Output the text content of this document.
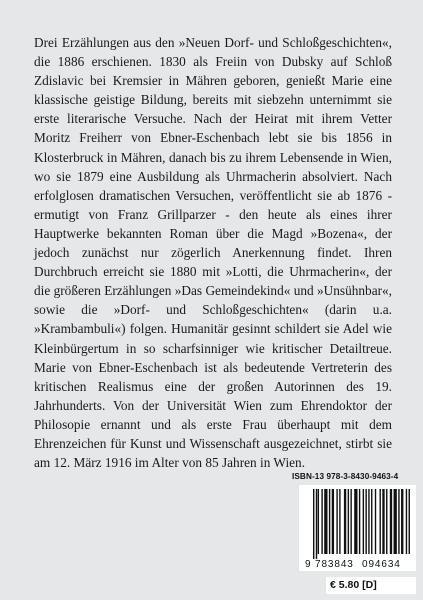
Drei Erzählungen aus den »Neuen Dorf- und Schloßgeschichten«, die 1886 erschienen. 1830 als Freiin von Dubsky auf Schloß Zdislavic bei Kremsier in Mähren geboren, genießt Marie eine klassische geistige Bildung, bereits mit siebzehn unternimmt sie erste literarische Versuche. Nach der Heirat mit ihrem Vetter Moritz Freiherr von Ebner-Eschenbach lebt sie bis 1856 in Klosterbruck in Mähren, danach bis zu ihrem Lebensende in Wien, wo sie 1879 eine Ausbildung als Uhrmacherin absolviert. Nach erfolglosen dramatischen Versuchen, veröffentlicht sie ab 1876 - ermutigt von Franz Grillparzer - den heute als eines ihrer Hauptwerke bekannten Roman über die Magd »Bozena«, der jedoch zunächst nur zögerlich Anerkennung findet. Ihren Durchbruch erreicht sie 1880 mit »Lotti, die Uhrmacherin«, der die größeren Erzählungen »Das Gemeindekind« und »Unsühnbar«, sowie die »Dorf- und Schloßgeschichten« (darin u.a. »Krambambuli«) folgen. Humanitär gesinnt schildert sie Adel wie Kleinbürgertum in so scharfsinniger wie kritischer Detailtreue. Marie von Ebner-Eschenbach ist als bedeutende Vertreterin des kritischen Realismus eine der großen Autorinnen des 19. Jahrhunderts. Von der Universität Wien zum Ehrendoktor der Philosopie ernannt und als erste Frau überhaupt mit dem Ehrenzeichen für Kunst und Wissenschaft ausgezeichnet, stirbt sie am 12. März 1916 im Alter von 85 Jahren in Wien.

ISBN-13 978-3-8430-9463-4
9 783843 094634
€ 5.80 [D]
